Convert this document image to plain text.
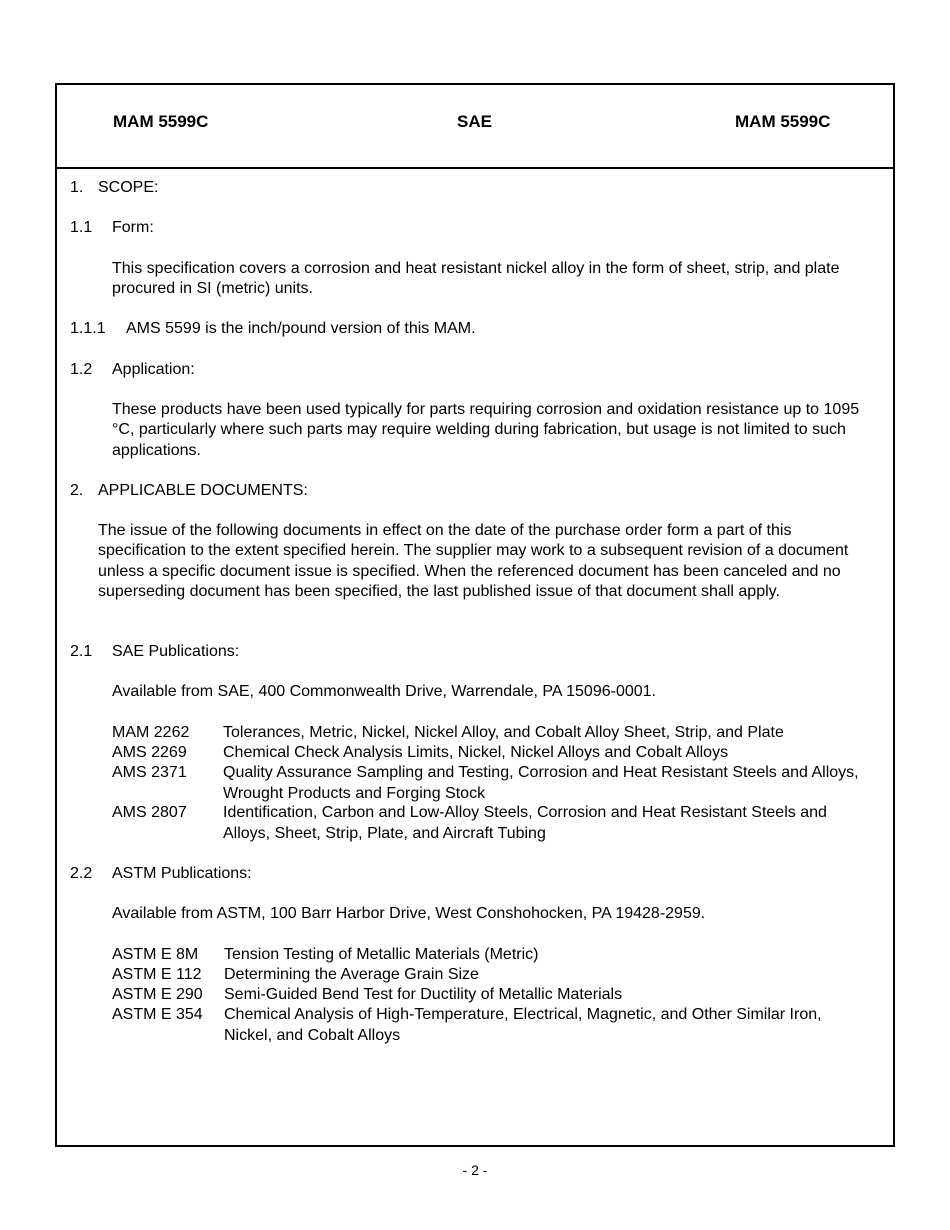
MAM 5599C	SAE	MAM 5599C
1. SCOPE:
1.1 Form:
This specification covers a corrosion and heat resistant nickel alloy in the form of sheet, strip, and plate procured in SI (metric) units.
1.1.1 AMS 5599 is the inch/pound version of this MAM.
1.2 Application:
These products have been used typically for parts requiring corrosion and oxidation resistance up to 1095 °C, particularly where such parts may require welding during fabrication, but usage is not limited to such applications.
2. APPLICABLE DOCUMENTS:
The issue of the following documents in effect on the date of the purchase order form a part of this specification to the extent specified herein. The supplier may work to a subsequent revision of a document unless a specific document issue is specified. When the referenced document has been canceled and no superseding document has been specified, the last published issue of that document shall apply.
2.1 SAE Publications:
Available from SAE, 400 Commonwealth Drive, Warrendale, PA 15096-0001.
MAM 2262 Tolerances, Metric, Nickel, Nickel Alloy, and Cobalt Alloy Sheet, Strip, and Plate
AMS 2269 Chemical Check Analysis Limits, Nickel, Nickel Alloys and Cobalt Alloys
AMS 2371 Quality Assurance Sampling and Testing, Corrosion and Heat Resistant Steels and Alloys, Wrought Products and Forging Stock
AMS 2807 Identification, Carbon and Low-Alloy Steels, Corrosion and Heat Resistant Steels and Alloys, Sheet, Strip, Plate, and Aircraft Tubing
2.2 ASTM Publications:
Available from ASTM, 100 Barr Harbor Drive, West Conshohocken, PA 19428-2959.
ASTM E 8M Tension Testing of Metallic Materials (Metric)
ASTM E 112 Determining the Average Grain Size
ASTM E 290 Semi-Guided Bend Test for Ductility of Metallic Materials
ASTM E 354 Chemical Analysis of High-Temperature, Electrical, Magnetic, and Other Similar Iron, Nickel, and Cobalt Alloys
- 2 -
